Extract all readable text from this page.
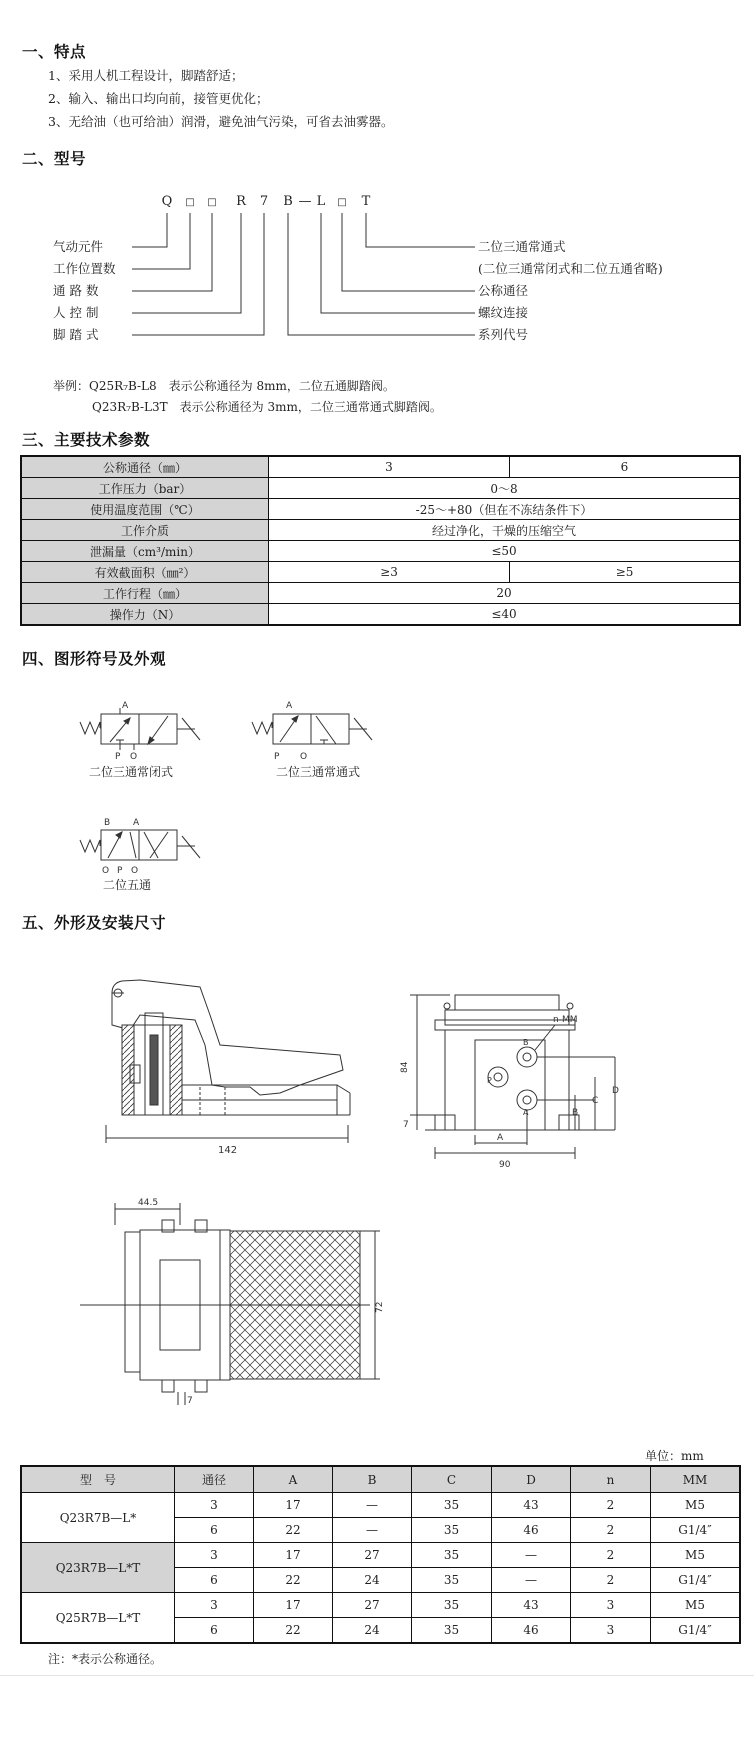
一、特点
1、采用人机工程设计，脚踏舒适；
2、输入、输出口均向前，接管更优化；
3、无给油（也可给油）润滑，避免油气污染，可省去油雾器。
二、型号
Q □ □ R 7 B — L □ T
气动元件
工作位置数
通 路 数
人 控 制
脚 踏 式
二位三通常通式
(二位三通常闭式和二位五通省略)
公称通径
螺纹连接
系列代号
举例：Q25R₇B-L8　表示公称通径为 8mm，二位五通脚踏阀。
Q23R₇B-L3T　表示公称通径为 3mm，二位三通常通式脚踏阀。
三、主要技术参数
公称通径（㎜）	3	6
工作压力（bar）	0～8	
使用温度范围（℃）	-25～+80（但在不冻结条件下）	
工作介质	经过净化，干燥的压缩空气	
泄漏量（cm³/min）	≤50	
有效截面积（㎜²）	≥3	≥5
工作行程（㎜）	20	
操作力（N）	≤40	
四、图形符号及外观
A
P O
二位三通常闭式
A
P O
二位三通常通式
B	A
O P O
二位五通
五、外形及安装尺寸
142
84
7
A
90
B
C
D
n-MM
B
P
A
44.5
72
7
单位：mm
型　号	通径	A	B	C	D	n	MM
Q23R7B—L*	3	17	—	35	43	2	M5
	6	22	—	35	46	2	G1/4″
Q23R7B—L*T	3	17	27	35	—	2	M5
	6	22	24	35	—	2	G1/4″
Q25R7B—L*T	3	17	27	35	43	3	M5
	6	22	24	35	46	3	G1/4″
注：*表示公称通径。
